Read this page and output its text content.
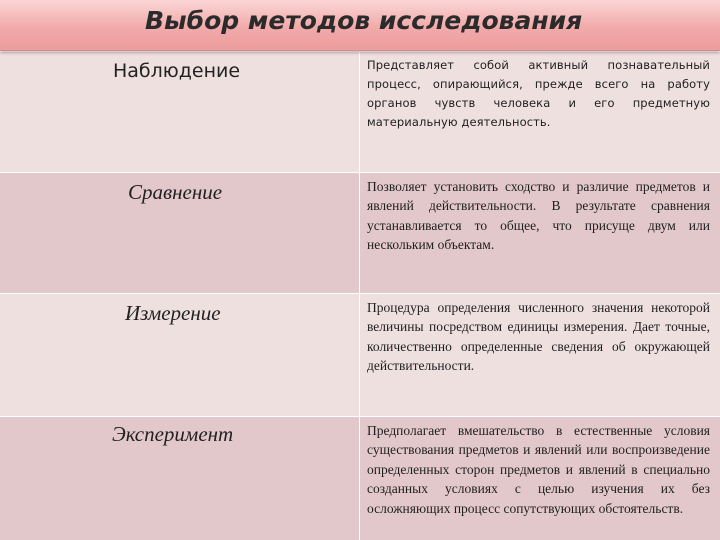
Выбор методов исследования
Наблюдение	Представляет собой активный познавательный процесс, опирающийся, прежде всего на работу органов чувств человека и его предметную материальную деятельность.

Сравнение	Позволяет установить сходство и различие предметов и явлений действительности. В результате сравнения устанавливается то общее, что присуще двум или нескольким объектам.

Измерение	Процедура определения численного значения некоторой величины посредством единицы измерения. Дает точные, количественно определенные сведения об окружающей действительности.

Эксперимент	Предполагает вмешательство в естественные условия существования предметов и явлений или воспроизведение определенных сторон предметов и явлений в специально созданных условиях с целью изучения их без осложняющих процесс сопутствующих обстоятельств.
